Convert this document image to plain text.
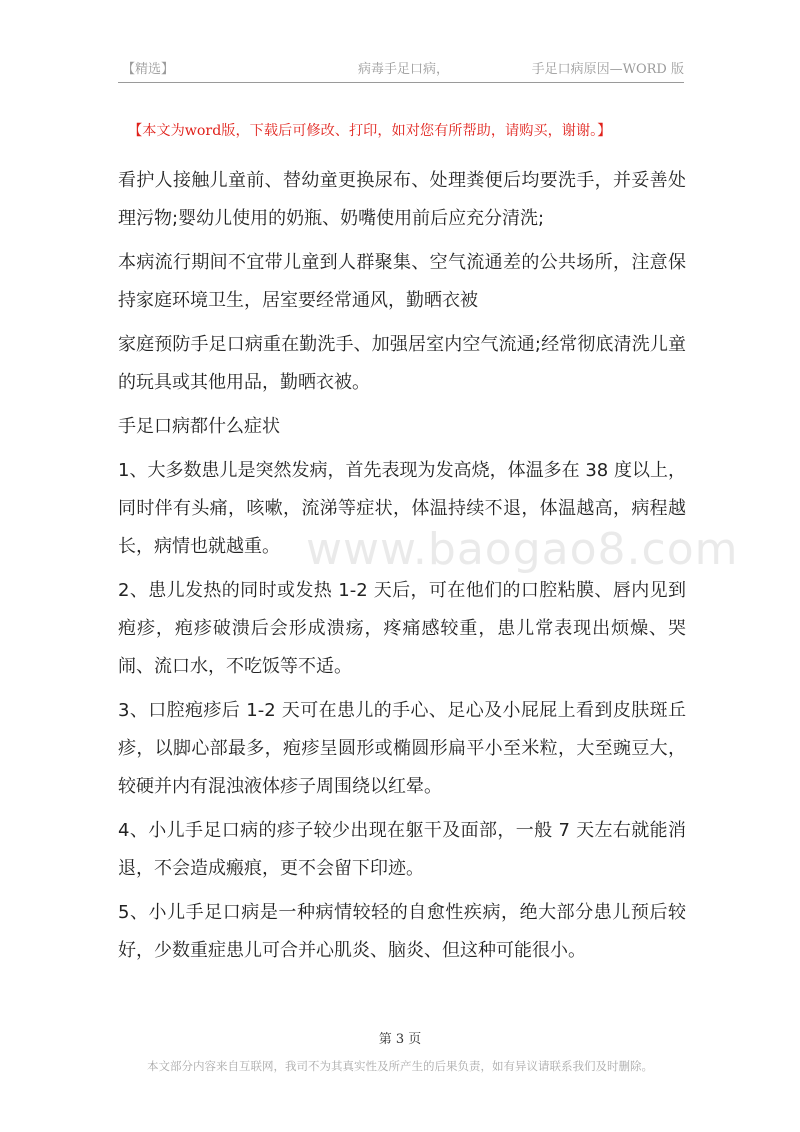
【精选】	病毒手足口病，	手足口病原因—WORD 版
【本文为word版，下载后可修改、打印，如对您有所帮助，请购买，谢谢。】

看护人接触儿童前、替幼童更换尿布、处理粪便后均要洗手，并妥善处理污物;婴幼儿使用的奶瓶、奶嘴使用前后应充分清洗;

本病流行期间不宜带儿童到人群聚集、空气流通差的公共场所，注意保持家庭环境卫生，居室要经常通风，勤晒衣被

家庭预防手足口病重在勤洗手、加强居室内空气流通;经常彻底清洗儿童的玩具或其他用品，勤晒衣被。

手足口病都什么症状

1、大多数患儿是突然发病，首先表现为发高烧，体温多在 38 度以上，同时伴有头痛，咳嗽，流涕等症状，体温持续不退，体温越高，病程越长，病情也就越重。

2、患儿发热的同时或发热 1-2 天后，可在他们的口腔粘膜、唇内见到疱疹，疱疹破溃后会形成溃疡，疼痛感较重，患儿常表现出烦燥、哭闹、流口水，不吃饭等不适。

3、口腔疱疹后 1-2 天可在患儿的手心、足心及小屁屁上看到皮肤斑丘疹，以脚心部最多，疱疹呈圆形或椭圆形扁平小至米粒，大至豌豆大，较硬并内有混浊液体疹子周围绕以红晕。

4、小儿手足口病的疹子较少出现在躯干及面部，一般 7 天左右就能消退，不会造成瘢痕，更不会留下印迹。

5、小儿手足口病是一种病情较轻的自愈性疾病，绝大部分患儿预后较好，少数重症患儿可合并心肌炎、脑炎、但这种可能很小。

www.baogao8.com
第 3 页
本文部分内容来自互联网，我司不为其真实性及所产生的后果负责，如有异议请联系我们及时删除。
